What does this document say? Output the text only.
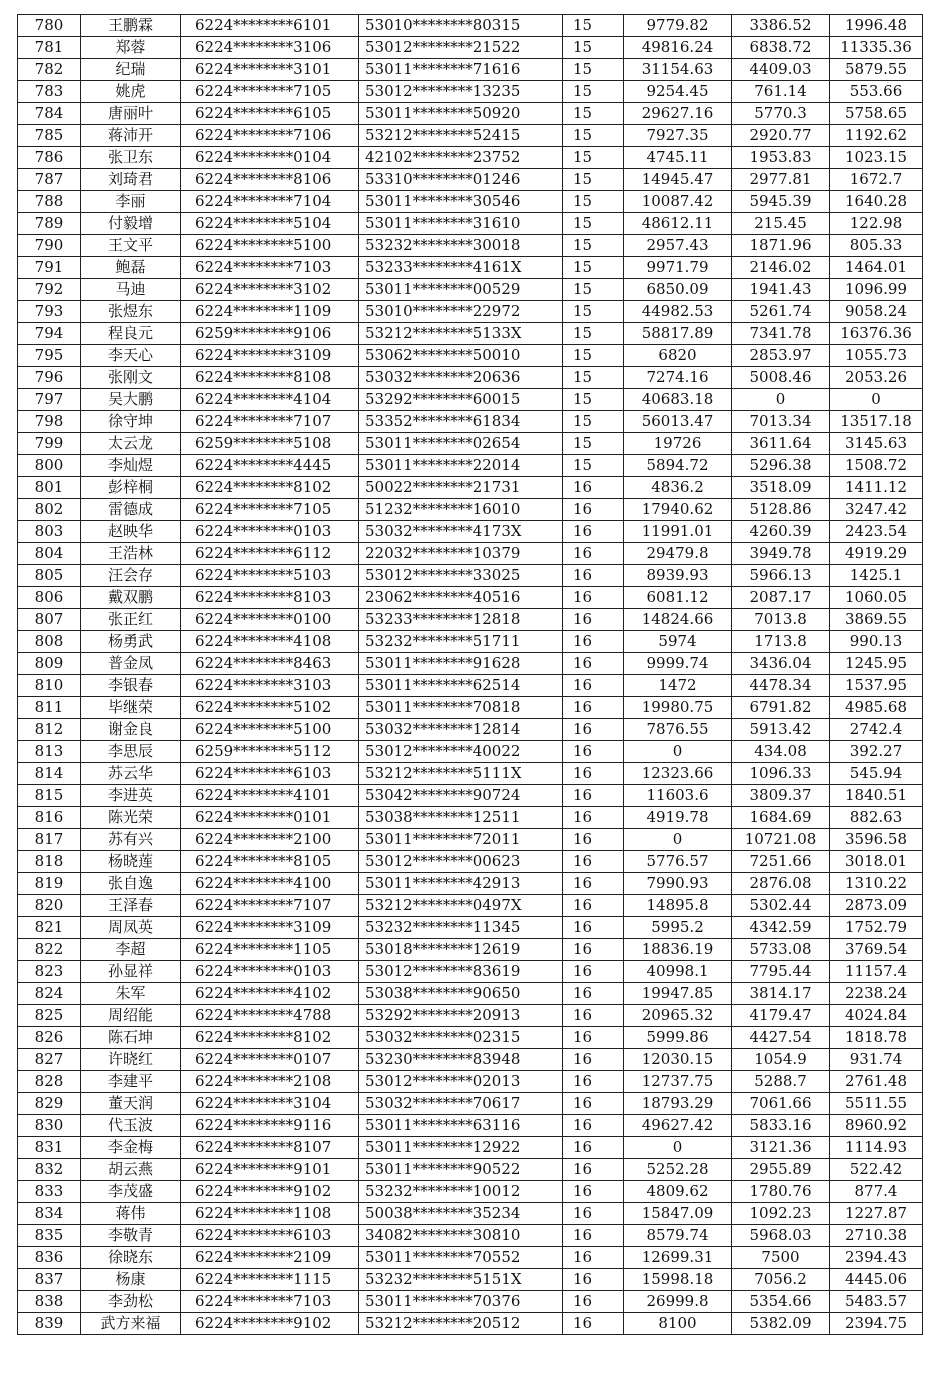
780	王鹏霖	6224********6101	53010********80315	15	9779.82	3386.52	1996.48
781	郑蓉	6224********3106	53012********21522	15	49816.24	6838.72	11335.36
782	纪瑞	6224********3101	53011********71616	15	31154.63	4409.03	5879.55
783	姚虎	6224********7105	53012********13235	15	9254.45	761.14	553.66
784	唐丽叶	6224********6105	53011********50920	15	29627.16	5770.3	5758.65
785	蒋沛开	6224********7106	53212********52415	15	7927.35	2920.77	1192.62
786	张卫东	6224********0104	42102********23752	15	4745.11	1953.83	1023.15
787	刘琦君	6224********8106	53310********01246	15	14945.47	2977.81	1672.7
788	李丽	6224********7104	53011********30546	15	10087.42	5945.39	1640.28
789	付毅增	6224********5104	53011********31610	15	48612.11	215.45	122.98
790	王文平	6224********5100	53232********30018	15	2957.43	1871.96	805.33
791	鲍磊	6224********7103	53233********4161X	15	9971.79	2146.02	1464.01
792	马迪	6224********3102	53011********00529	15	6850.09	1941.43	1096.99
793	张煜东	6224********1109	53010********22972	15	44982.53	5261.74	9058.24
794	程良元	6259********9106	53212********5133X	15	58817.89	7341.78	16376.36
795	李天心	6224********3109	53062********50010	15	6820	2853.97	1055.73
796	张刚文	6224********8108	53032********20636	15	7274.16	5008.46	2053.26
797	吴大鹏	6224********4104	53292********60015	15	40683.18	0	0
798	徐守坤	6224********7107	53352********61834	15	56013.47	7013.34	13517.18
799	太云龙	6259********5108	53011********02654	15	19726	3611.64	3145.63
800	李灿煜	6224********4445	53011********22014	15	5894.72	5296.38	1508.72
801	彭梓桐	6224********8102	50022********21731	16	4836.2	3518.09	1411.12
802	雷德成	6224********7105	51232********16010	16	17940.62	5128.86	3247.42
803	赵映华	6224********0103	53032********4173X	16	11991.01	4260.39	2423.54
804	王浩林	6224********6112	22032********10379	16	29479.8	3949.78	4919.29
805	汪会存	6224********5103	53012********33025	16	8939.93	5966.13	1425.1
806	戴双鹏	6224********8103	23062********40516	16	6081.12	2087.17	1060.05
807	张正红	6224********0100	53233********12818	16	14824.66	7013.8	3869.55
808	杨勇武	6224********4108	53232********51711	16	5974	1713.8	990.13
809	普金凤	6224********8463	53011********91628	16	9999.74	3436.04	1245.95
810	李银春	6224********3103	53011********62514	16	1472	4478.34	1537.95
811	毕继荣	6224********5102	53011********70818	16	19980.75	6791.82	4985.68
812	谢金良	6224********5100	53032********12814	16	7876.55	5913.42	2742.4
813	李思辰	6259********5112	53012********40022	16	0	434.08	392.27
814	苏云华	6224********6103	53212********5111X	16	12323.66	1096.33	545.94
815	李进英	6224********4101	53042********90724	16	11603.6	3809.37	1840.51
816	陈光荣	6224********0101	53038********12511	16	4919.78	1684.69	882.63
817	苏有兴	6224********2100	53011********72011	16	0	10721.08	3596.58
818	杨晓莲	6224********8105	53012********00623	16	5776.57	7251.66	3018.01
819	张自逸	6224********4100	53011********42913	16	7990.93	2876.08	1310.22
820	王泽春	6224********7107	53212********0497X	16	14895.8	5302.44	2873.09
821	周凤英	6224********3109	53232********11345	16	5995.2	4342.59	1752.79
822	李超	6224********1105	53018********12619	16	18836.19	5733.08	3769.54
823	孙显祥	6224********0103	53012********83619	16	40998.1	7795.44	11157.4
824	朱军	6224********4102	53038********90650	16	19947.85	3814.17	2238.24
825	周绍能	6224********4788	53292********20913	16	20965.32	4179.47	4024.84
826	陈石坤	6224********8102	53032********02315	16	5999.86	4427.54	1818.78
827	许晓红	6224********0107	53230********83948	16	12030.15	1054.9	931.74
828	李建平	6224********2108	53012********02013	16	12737.75	5288.7	2761.48
829	董天润	6224********3104	53032********70617	16	18793.29	7061.66	5511.55
830	代玉波	6224********9116	53011********63116	16	49627.42	5833.16	8960.92
831	李金梅	6224********8107	53011********12922	16	0	3121.36	1114.93
832	胡云燕	6224********9101	53011********90522	16	5252.28	2955.89	522.42
833	李茂盛	6224********9102	53232********10012	16	4809.62	1780.76	877.4
834	蒋伟	6224********1108	50038********35234	16	15847.09	1092.23	1227.87
835	李敬青	6224********6103	34082********30810	16	8579.74	5968.03	2710.38
836	徐晓东	6224********2109	53011********70552	16	12699.31	7500	2394.43
837	杨康	6224********1115	53232********5151X	16	15998.18	7056.2	4445.06
838	李劲松	6224********7103	53011********70376	16	26999.8	5354.66	5483.57
839	武方来福	6224********9102	53212********20512	16	8100	5382.09	2394.75
